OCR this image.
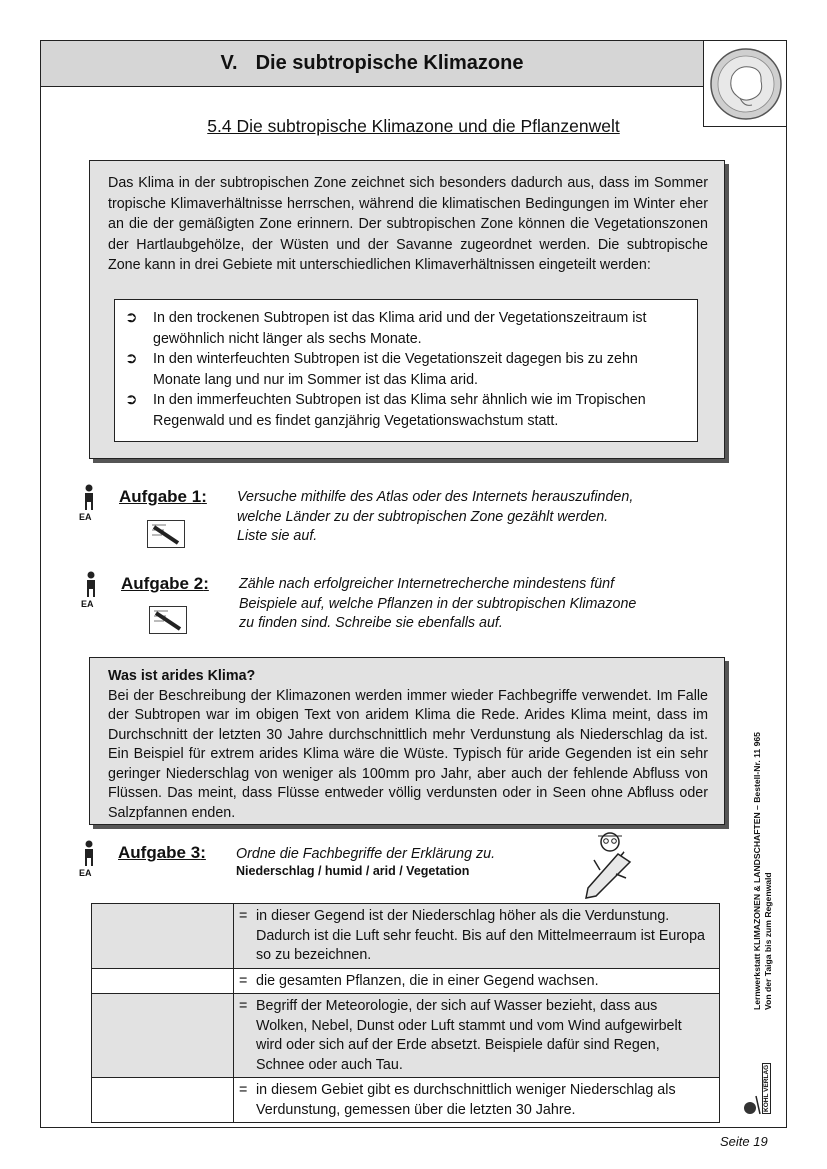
V. Die subtropische Klimazone
5.4 Die subtropische Klimazone und die Pflanzenwelt

Das Klima in der subtropischen Zone zeichnet sich besonders dadurch aus, dass im Sommer tropische Klimaverhältnisse herrschen, während die klimatischen Bedingungen im Winter eher an die der gemäßigten Zone erinnern. Der subtropischen Zone können die Vegetationszonen der Hartlaubgehölze, der Wüsten und der Savanne zugeordnet werden. Die subtropische Zone kann in drei Gebiete mit unterschiedlichen Klimaverhältnissen eingeteilt werden:

➲	In den trockenen Subtropen ist das Klima arid und der Vegetationszeitraum ist gewöhnlich nicht länger als sechs Monate.
➲	In den winterfeuchten Subtropen ist die Vegetationszeit dagegen bis zu zehn Monate lang und nur im Sommer ist das Klima arid.
➲	In den immerfeuchten Subtropen ist das Klima sehr ähnlich wie im Tropischen Regenwald und es findet ganzjährig Vegetationswachstum statt.
EA
Aufgabe 1: Versuche mithilfe des Atlas oder des Internets herauszufinden,
welche Länder zu der subtropischen Zone gezählt werden.
Liste sie auf.
EA
Aufgabe 2: Zähle nach erfolgreicher Internetrecherche mindestens fünf
Beispiele auf, welche Pflanzen in der subtropischen Klimazone
zu finden sind. Schreibe sie ebenfalls auf.
Was ist arides Klima?
Bei der Beschreibung der Klimazonen werden immer wieder Fachbegriffe verwendet. Im Falle der Subtropen war im obigen Text von aridem Klima die Rede. Arides Klima meint, dass im Durchschnitt der letzten 30 Jahre durchschnittlich mehr Verdunstung als Niederschlag da ist. Ein Beispiel für extrem arides Klima wäre die Wüste. Typisch für aride Gegenden ist ein sehr geringer Niederschlag von weniger als 100mm pro Jahr, aber auch der fehlende Abfluss von Flüssen. Das meint, dass Flüsse entweder völlig verdunsten oder in Seen ohne Abfluss oder Salzpfannen enden.
EA
Aufgabe 3: Ordne die Fachbegriffe der Erklärung zu.
Niederschlag / humid / arid / Vegetation

	= in dieser Gegend ist der Niederschlag höher als die Verdunstung. Dadurch ist die Luft sehr feucht. Bis auf den Mittelmeerraum ist Europa so zu bezeichnen.

	= die gesamten Pflanzen, die in einer Gegend wachsen.

	= Begriff der Meteorologie, der sich auf Wasser bezieht, dass aus Wolken, Nebel, Dunst oder Luft stammt und vom Wind aufgewirbelt wird oder sich auf der Erde absetzt. Beispiele dafür sind Regen, Schnee oder auch Tau.

	= in diesem Gebiet gibt es durchschnittlich weniger Niederschlag als Verdunstung, gemessen über die letzten 30 Jahre.
Lernwerkstatt KLIMAZONEN & LANDSCHAFTEN – Bestell-Nr. 11 965 Von der Taiga bis zum Regenwald
KOHL VERLAG
Seite 19
